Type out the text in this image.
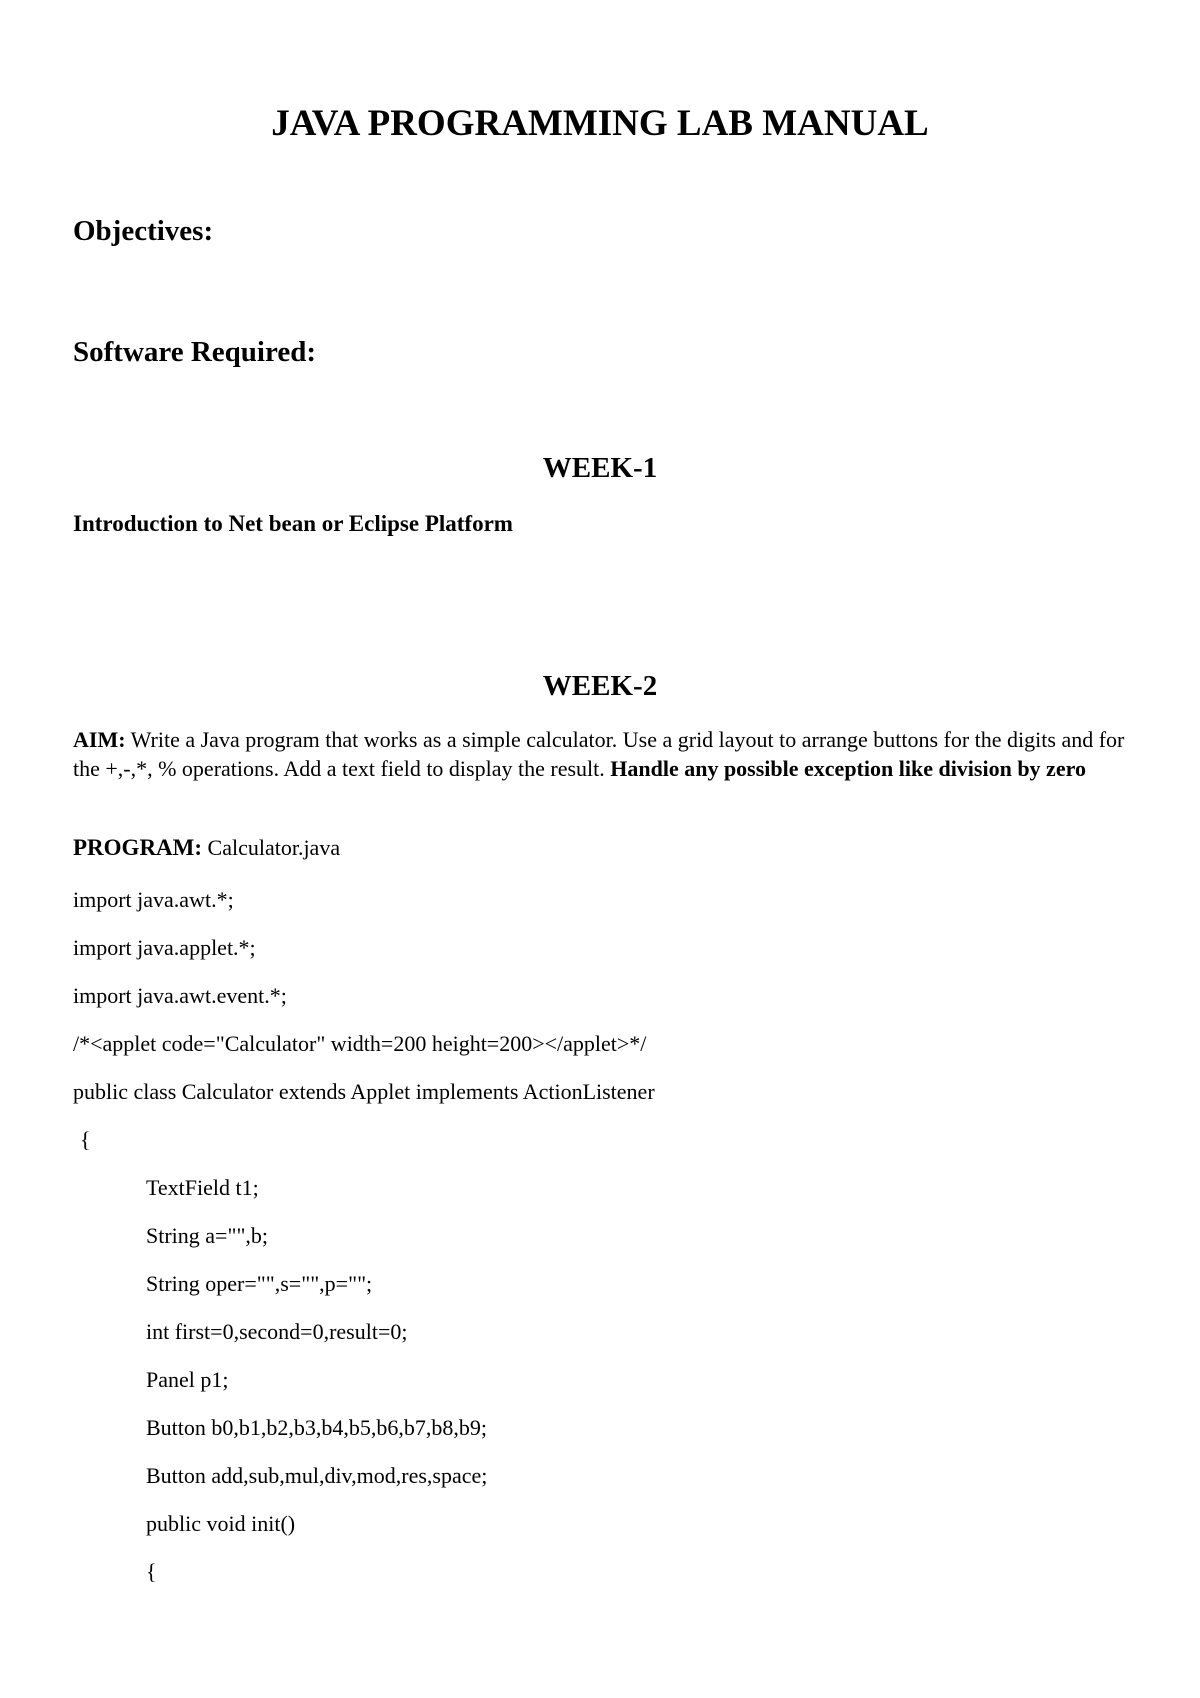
JAVA PROGRAMMING LAB MANUAL
Objectives:
Software Required:
WEEK-1

Introduction to Net bean or Eclipse Platform

WEEK-2

AIM: Write a Java program that works as a simple calculator. Use a grid layout to arrange buttons for the digits and for the +,-,*, % operations. Add a text field to display the result. Handle any possible exception like division by zero

PROGRAM: Calculator.java

import java.awt.*;
import java.applet.*;
import java.awt.event.*;
/*<applet code="Calculator" width=200 height=200></applet>*/
public class Calculator extends Applet implements ActionListener
{
TextField t1;
String a="",b;
String oper="",s="",p="";
int first=0,second=0,result=0;
Panel p1;
Button b0,b1,b2,b3,b4,b5,b6,b7,b8,b9;
Button add,sub,mul,div,mod,res,space;
public void init()
{
